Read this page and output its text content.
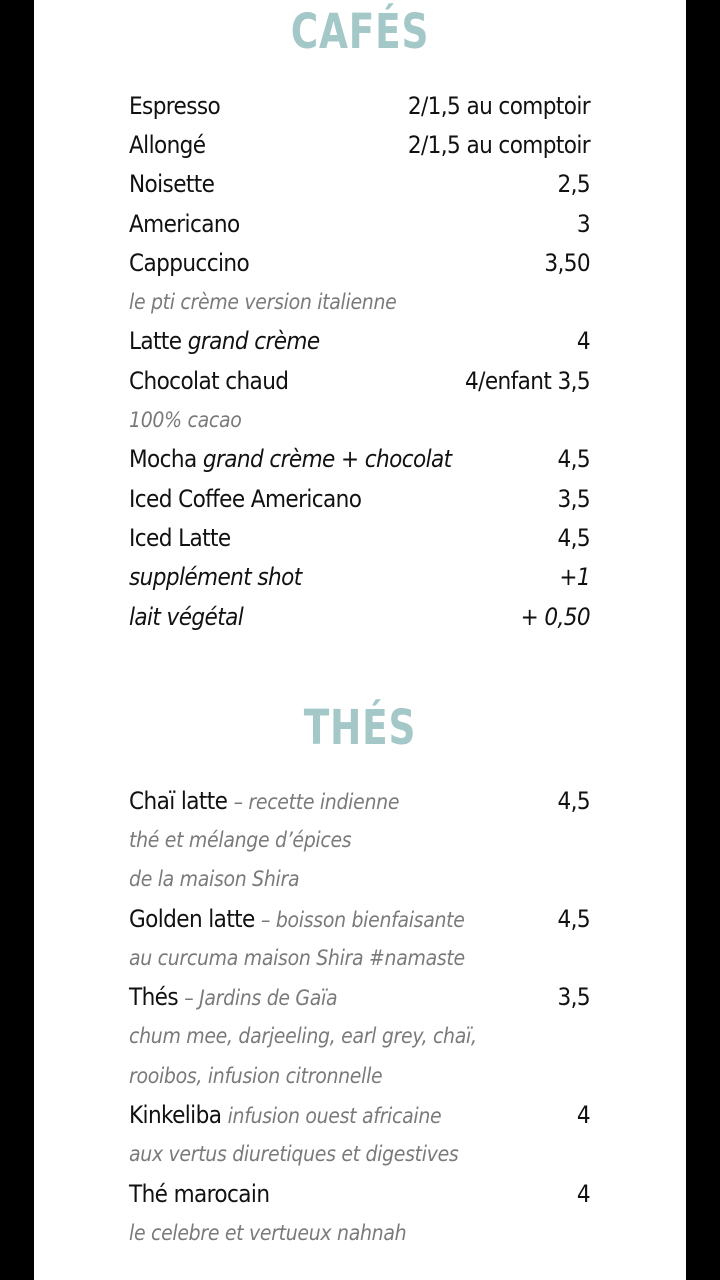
CAFÉS
Espresso	2/1,5 au comptoir
Allongé	2/1,5 au comptoir
Noisette	2,5
Americano	3
Cappuccino	3,50
le pti crème version italienne
Latte grand crème	4
Chocolat chaud	4/enfant 3,5
100% cacao
Mocha grand crème + chocolat	4,5
Iced Coffee Americano	3,5
Iced Latte	4,5
supplément shot	+1
lait végétal	+ 0,50
THÉS
Chaï latte – recette indienne	4,5
thé et mélange d’épices
de la maison Shira
Golden latte – boisson bienfaisante	4,5
au curcuma maison Shira #namaste
Thés – Jardins de Gaïa	3,5
chum mee, darjeeling, earl grey, chaï,
rooibos, infusion citronnelle
Kinkeliba infusion ouest africaine	4
aux vertus diuretiques et digestives
Thé marocain	4
le celebre et vertueux nahnah
